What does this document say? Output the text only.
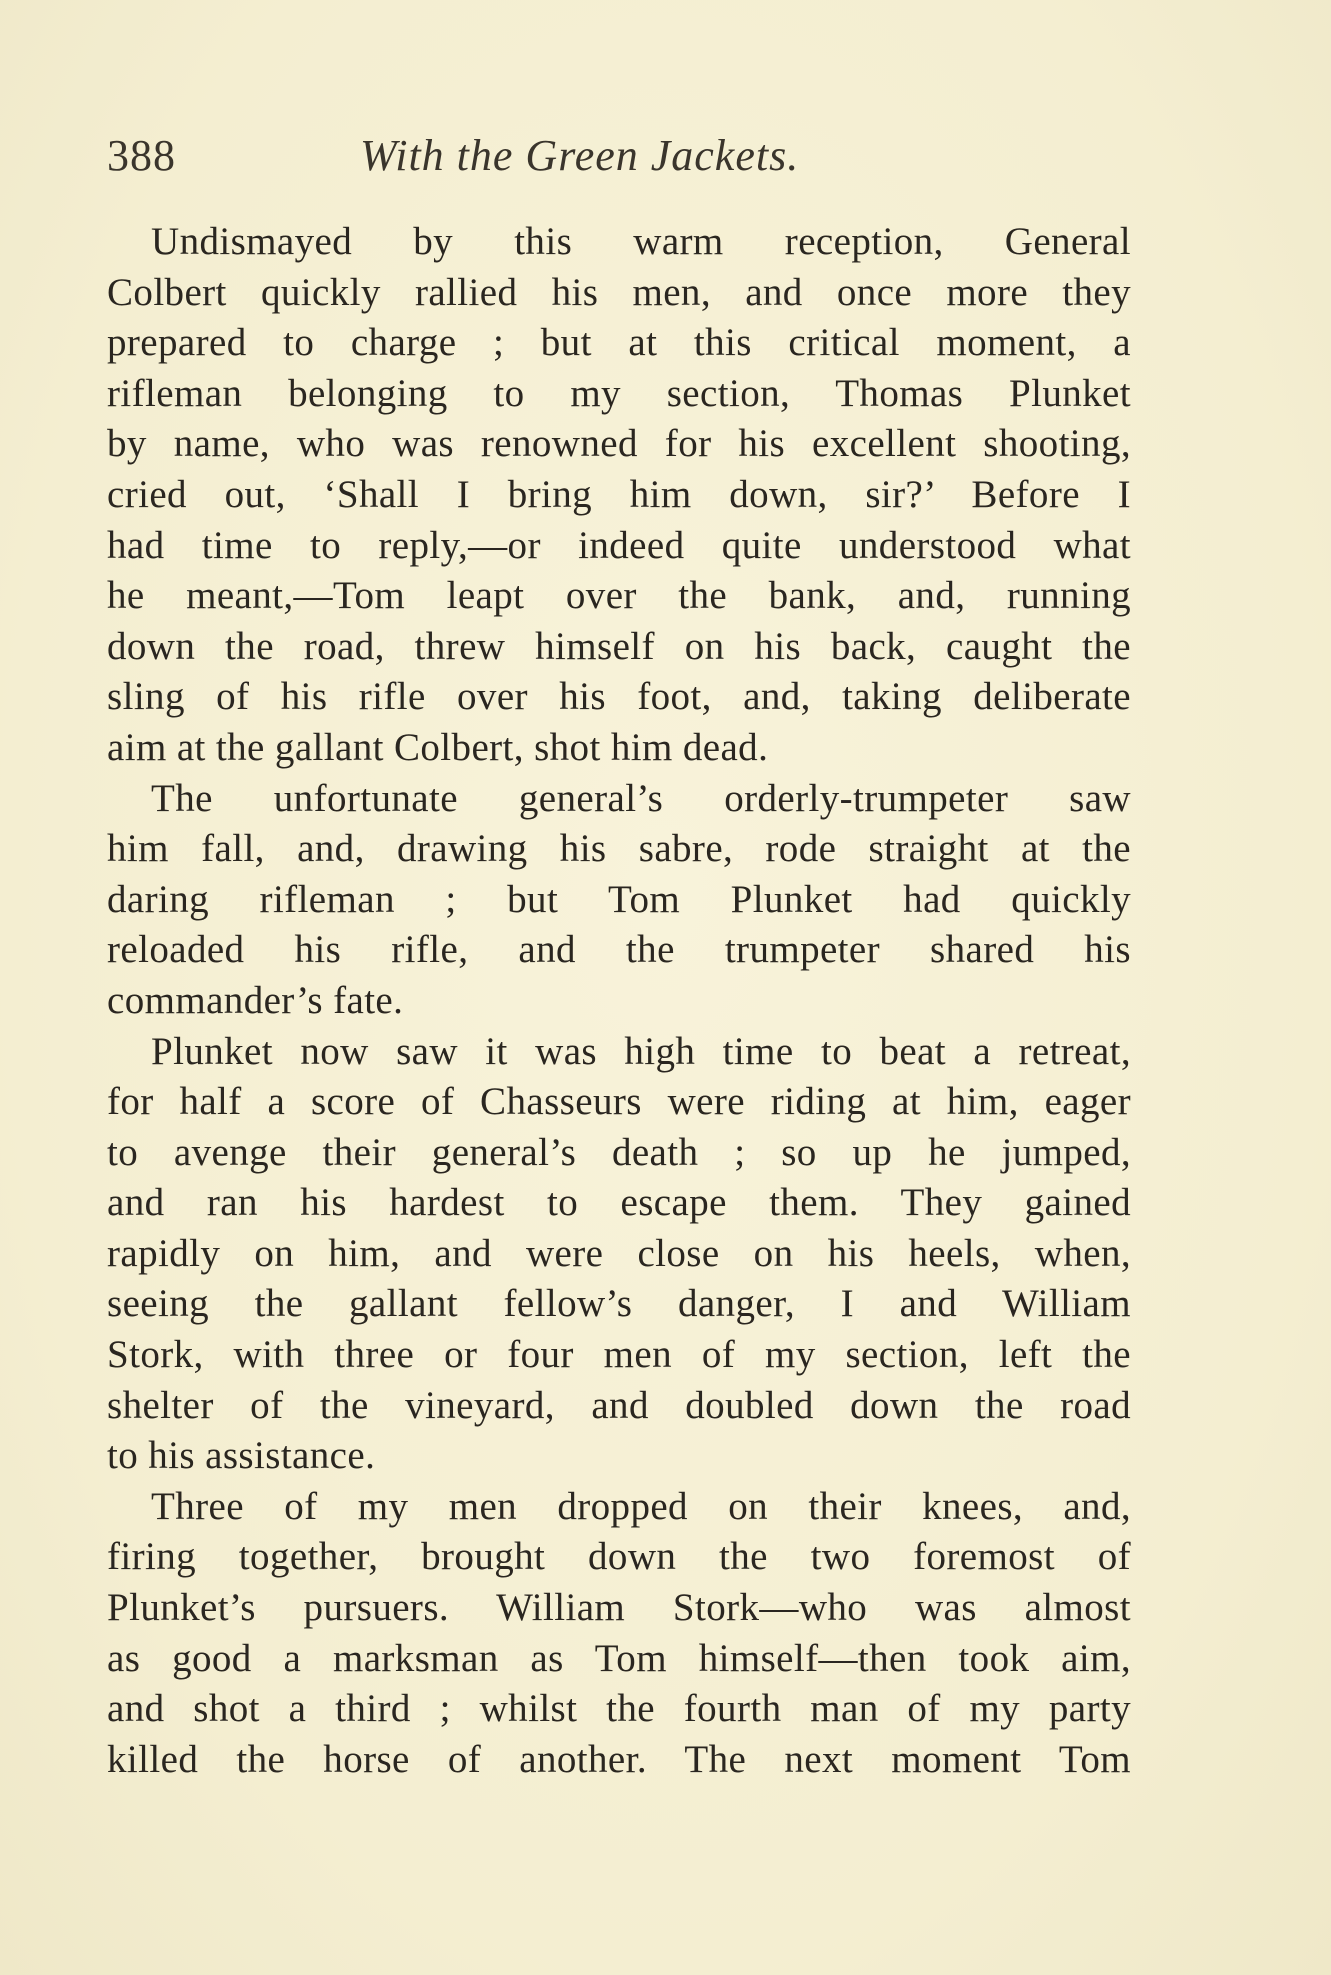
388	With the Green Jackets.
Undismayed by this warm reception, General
Colbert quickly rallied his men, and once more they
prepared to charge ; but at this critical moment, a
rifleman belonging to my section, Thomas Plunket
by name, who was renowned for his excellent shooting,
cried out, ‘Shall I bring him down, sir?’ Before I
had time to reply,—or indeed quite understood what
he meant,—Tom leapt over the bank, and, running
down the road, threw himself on his back, caught the
sling of his rifle over his foot, and, taking deliberate
aim at the gallant Colbert, shot him dead.
The unfortunate general’s orderly-trumpeter saw
him fall, and, drawing his sabre, rode straight at the
daring rifleman ; but Tom Plunket had quickly
reloaded his rifle, and the trumpeter shared his
commander’s fate.
Plunket now saw it was high time to beat a retreat,
for half a score of Chasseurs were riding at him, eager
to avenge their general’s death ; so up he jumped,
and ran his hardest to escape them. They gained
rapidly on him, and were close on his heels, when,
seeing the gallant fellow’s danger, I and William
Stork, with three or four men of my section, left the
shelter of the vineyard, and doubled down the road
to his assistance.
Three of my men dropped on their knees, and,
firing together, brought down the two foremost of
Plunket’s pursuers. William Stork—who was almost
as good a marksman as Tom himself—then took aim,
and shot a third ; whilst the fourth man of my party
killed the horse of another. The next moment Tom
